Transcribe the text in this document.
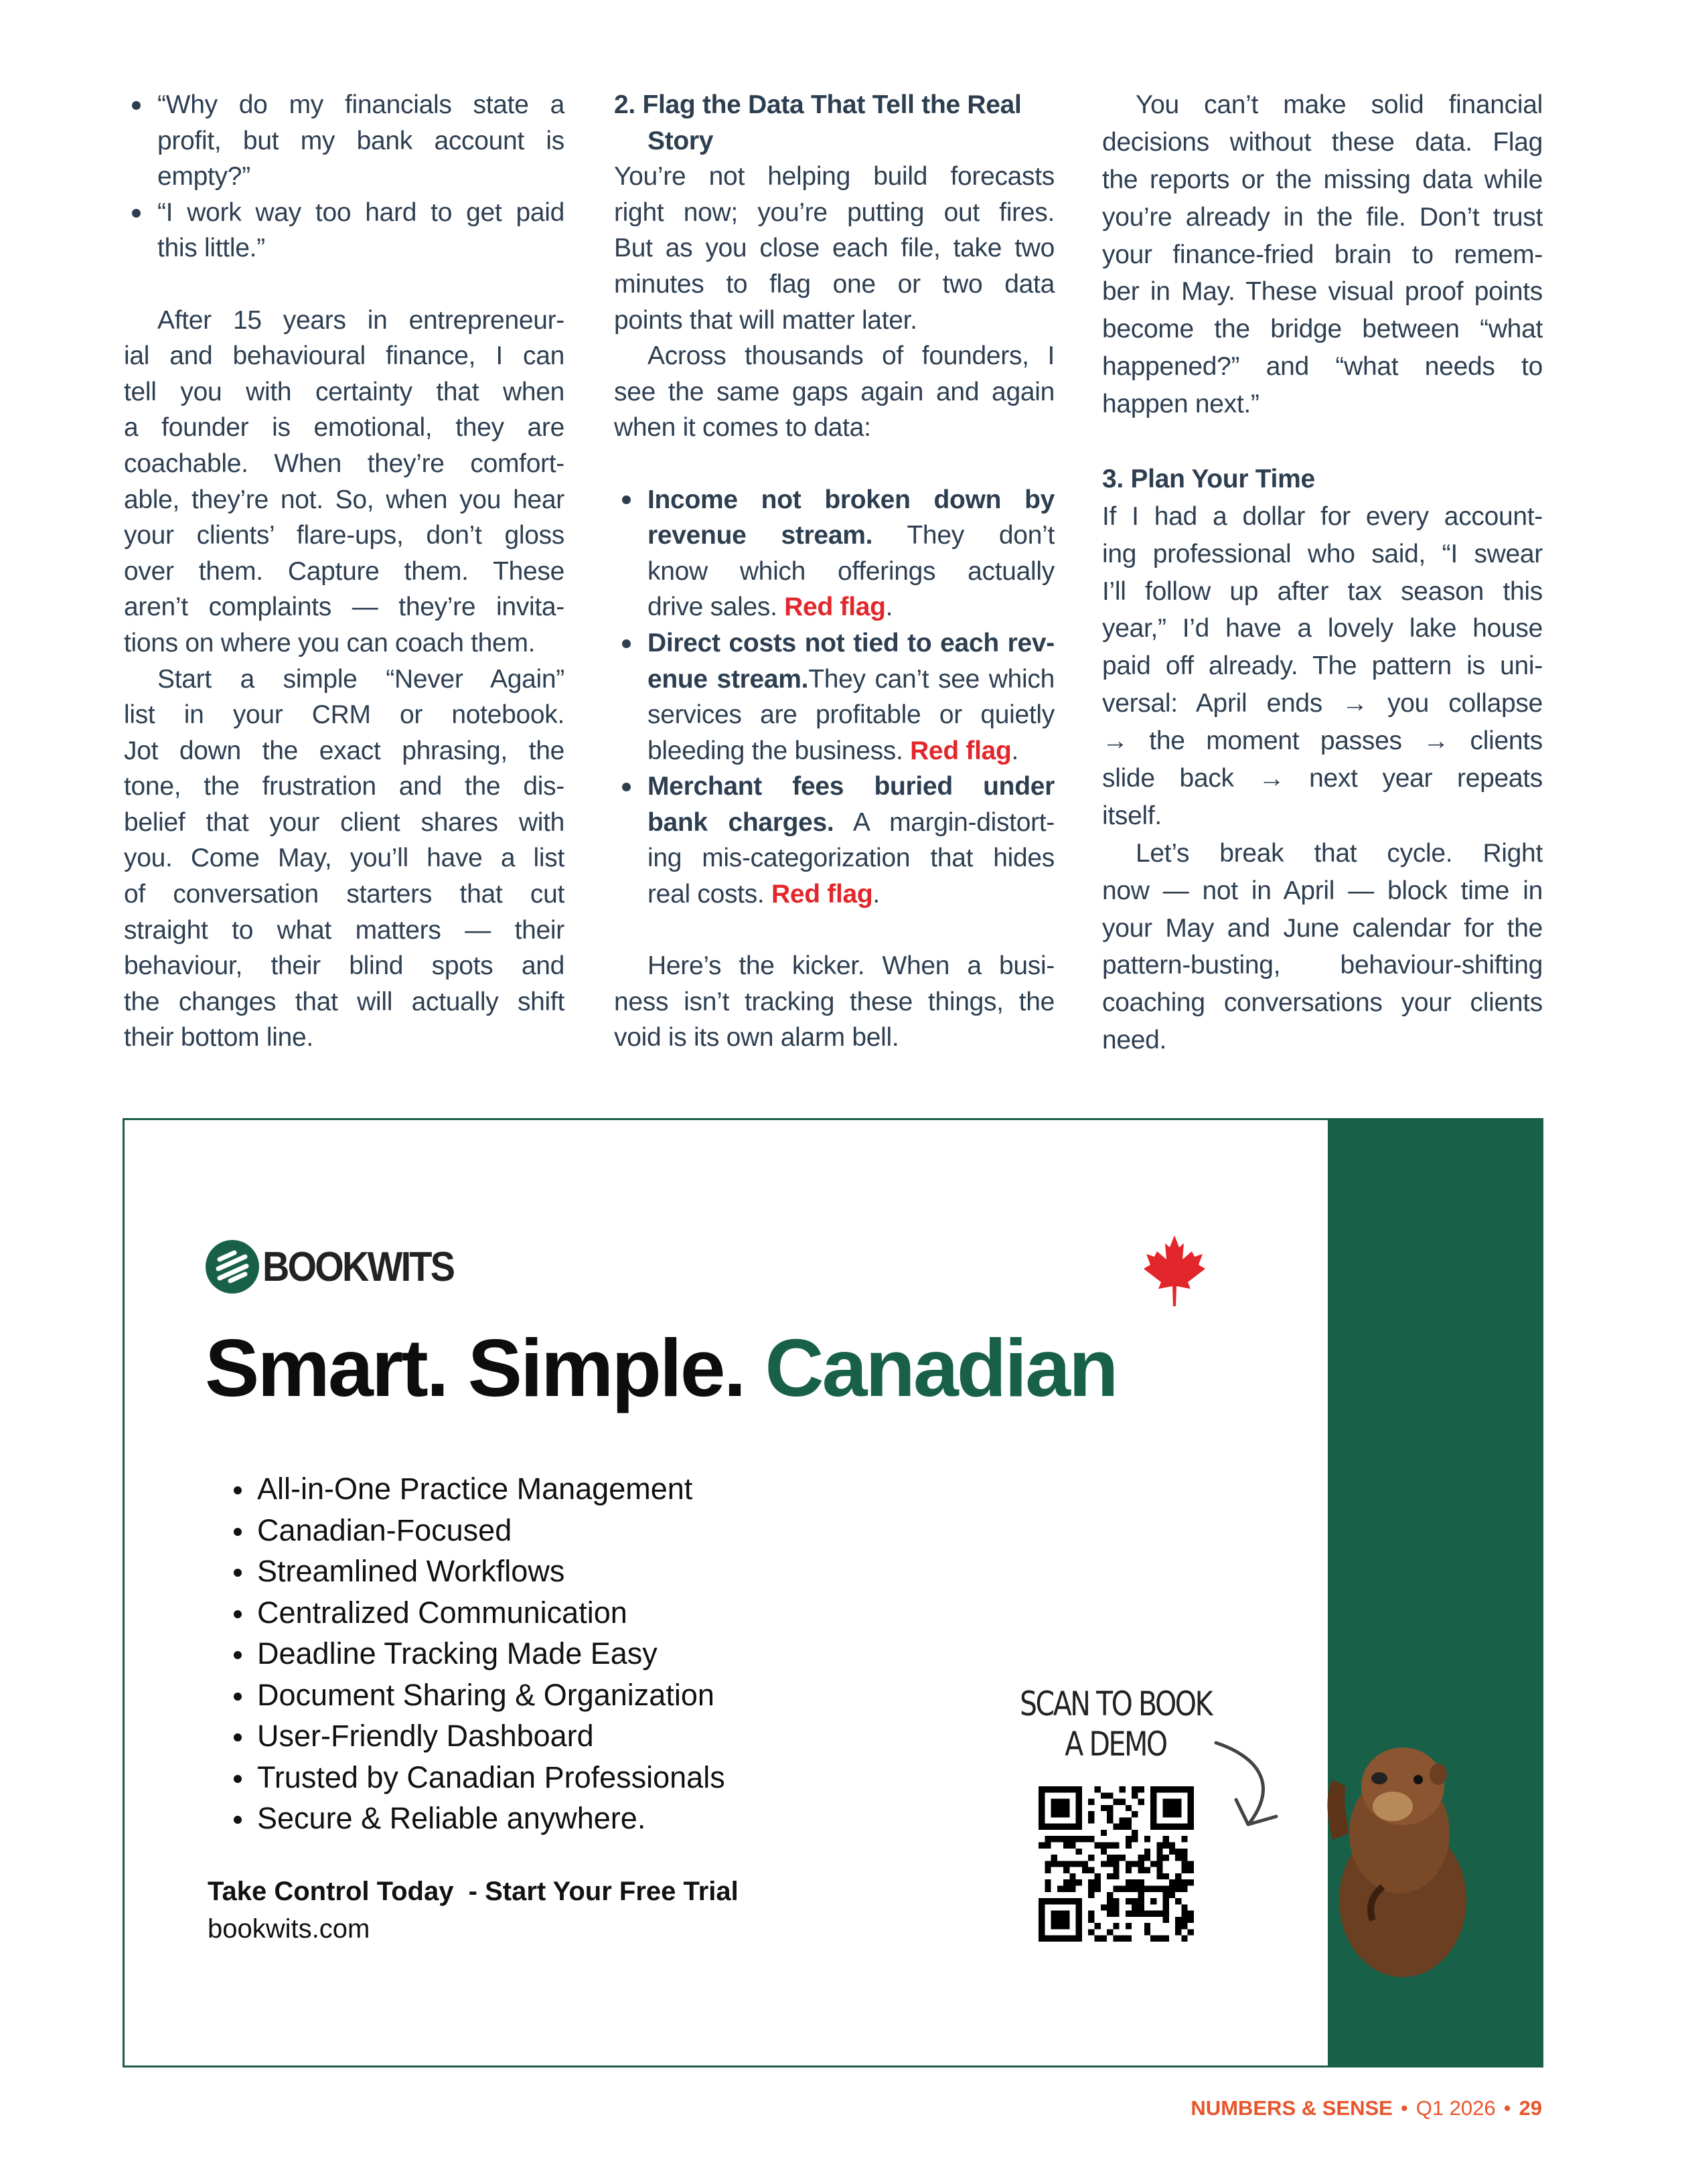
“Why do my financials state a
profit, but my bank account is
empty?”
“I work way too hard to get paid
this little.”
After 15 years in entrepreneur-
ial and behavioural finance, I can
tell you with certainty that when
a founder is emotional, they are
coachable. When they’re comfort-
able, they’re not. So, when you hear
your clients’ flare-ups, don’t gloss
over them. Capture them. These
aren’t complaints — they’re invita-
tions on where you can coach them.
Start a simple “Never Again”
list in your CRM or notebook.
Jot down the exact phrasing, the
tone, the frustration and the dis-
belief that your client shares with
you. Come May, you’ll have a list
of conversation starters that cut
straight to what matters — their
behaviour, their blind spots and
the changes that will actually shift
their bottom line.
2. Flag the Data That Tell the Real
Story
You’re not helping build forecasts
right now; you’re putting out fires.
But as you close each file, take two
minutes to flag one or two data
points that will matter later.
Across thousands of founders, I
see the same gaps again and again
when it comes to data:
Income not broken down by
revenue stream. They don’t
know which offerings actually
drive sales. Red flag.
Direct costs not tied to each rev-
enue stream.They can’t see which
services are profitable or quietly
bleeding the business. Red flag.
Merchant fees buried under
bank charges. A margin-distort-
ing mis-categorization that hides
real costs. Red flag.
Here’s the kicker. When a busi-
ness isn’t tracking these things, the
void is its own alarm bell.
You can’t make solid financial
decisions without these data. Flag
the reports or the missing data while
you’re already in the file. Don’t trust
your finance-fried brain to remem-
ber in May. These visual proof points
become the bridge between “what
happened?” and “what needs to
happen next.”
3. Plan Your Time
If I had a dollar for every account-
ing professional who said, “I swear
I’ll follow up after tax season this
year,” I’d have a lovely lake house
paid off already. The pattern is uni-
versal: April ends → you collapse
→ the moment passes → clients
slide back → next year repeats
itself.
Let’s break that cycle. Right
now — not in April — block time in
your May and June calendar for the
pattern-busting, behaviour-shifting
coaching conversations your clients
need.
BOOKWITS
Smart. Simple. Canadian
All-in-One Practice Management
Canadian-Focused
Streamlined Workflows
Centralized Communication
Deadline Tracking Made Easy
Document Sharing & Organization
User-Friendly Dashboard
Trusted by Canadian Professionals
Secure & Reliable anywhere.
Take Control Today  - Start Your Free Trial
bookwits.com
SCAN TO BOOK
A DEMO
NUMBERS & SENSE • Q1 2026 • 29
